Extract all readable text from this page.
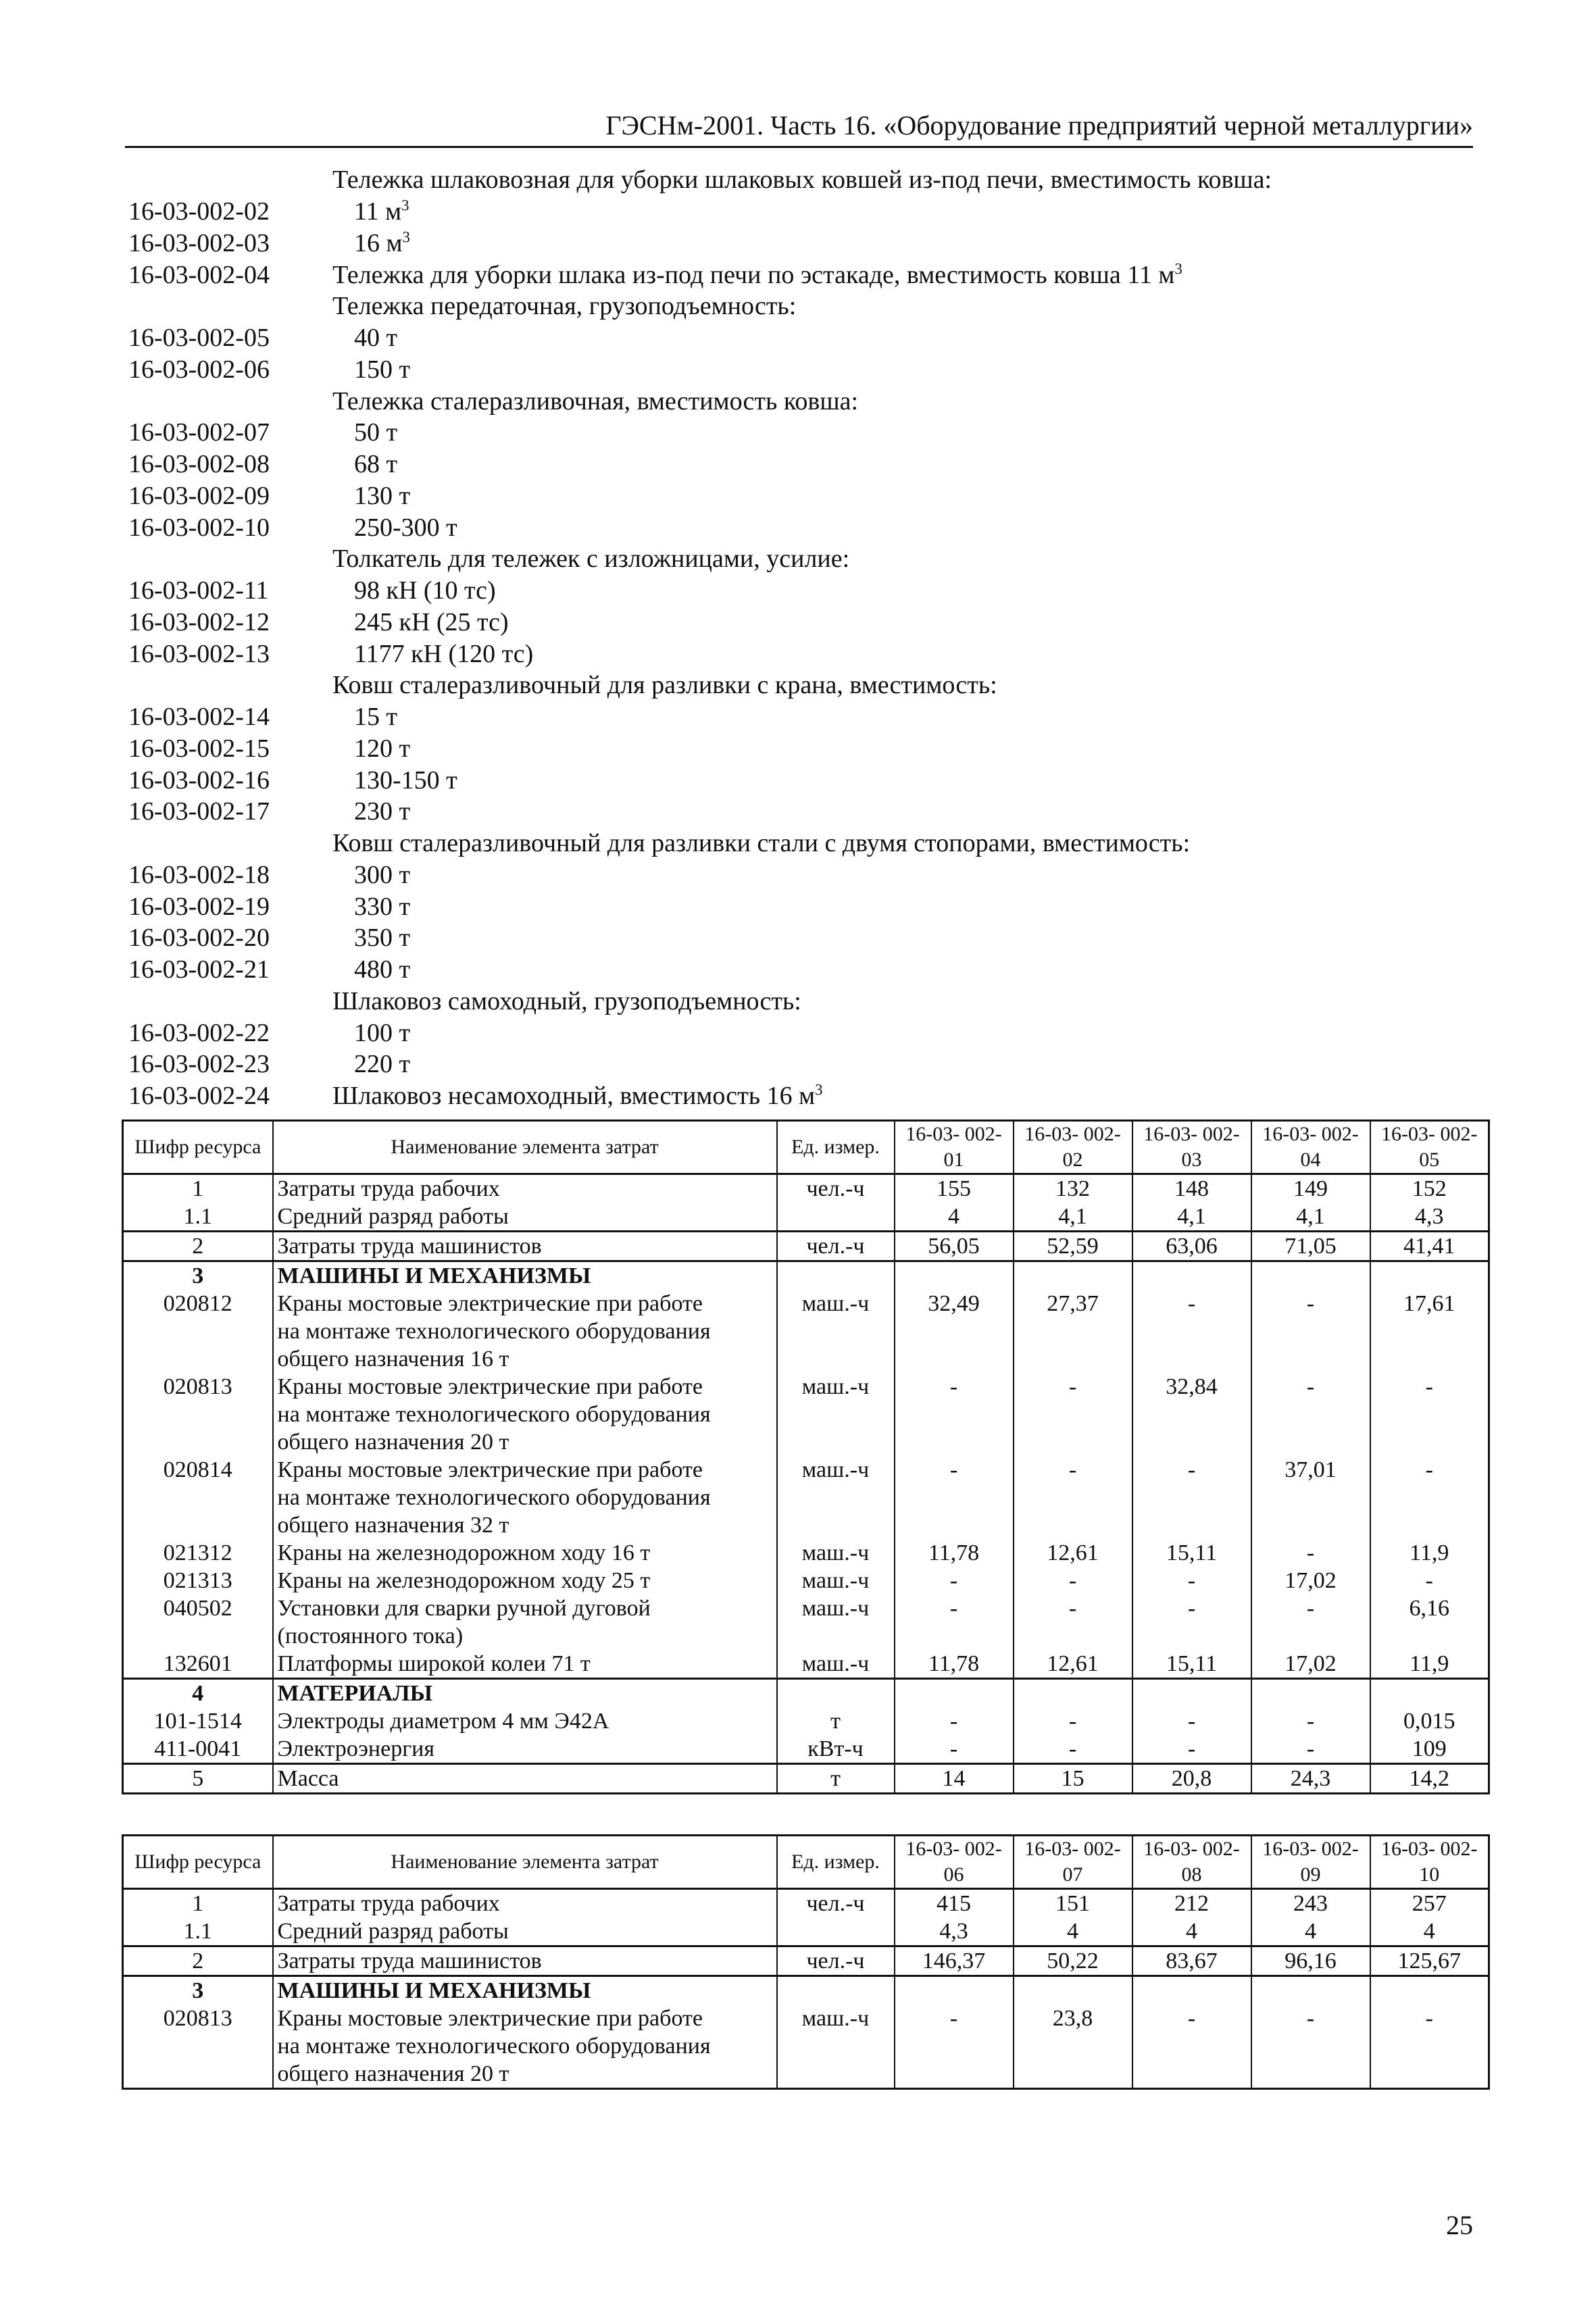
ГЭСНм-2001. Часть 16. «Оборудование предприятий черной металлургии»
Тележка шлаковозная для уборки шлаковых ковшей из-под печи, вместимость ковша:
16-03-002-02	11 $м^3$
16-03-002-03	16 $м^3$
16-03-002-04	Тележка для уборки шлака из-под печи по эстакаде, вместимость ковша 11 $м^3$
Тележка передаточная, грузоподъемность:
16-03-002-05	40 т
16-03-002-06	150 т
Тележка сталеразливочная, вместимость ковша:
16-03-002-07	50 т
16-03-002-08	68 т
16-03-002-09	130 т
16-03-002-10	250-300 т
Толкатель для тележек с изложницами, усилие:
16-03-002-11	98 кН (10 тс)
16-03-002-12	245 кН (25 тс)
16-03-002-13	1177 кН (120 тс)
Ковш сталеразливочный для разливки с крана, вместимость:
16-03-002-14	15 т
16-03-002-15	120 т
16-03-002-16	130-150 т
16-03-002-17	230 т
Ковш сталеразливочный для разливки стали с двумя стопорами, вместимость:
16-03-002-18	300 т
16-03-002-19	330 т
16-03-002-20	350 т
16-03-002-21	480 т
Шлаковоз самоходный, грузоподъемность:
16-03-002-22	100 т
16-03-002-23	220 т
16-03-002-24	Шлаковоз несамоходный, вместимость 16 $м^3$
Шифр ресурса	Наименование элемента затрат	Ед. измер.	16-03- 002-01	16-03- 002-02	16-03- 002-03	16-03- 002-04	16-03- 002-05
1	Затраты труда рабочих	чел.-ч	155	132	148	149	152
1.1	Средний разряд работы		4	4,1	4,1	4,1	4,3
2	Затраты труда машинистов	чел.-ч	56,05	52,59	63,06	71,05	41,41
3	МАШИНЫ И МЕХАНИЗМЫ						

020812	Краны мостовые электрические при работе
на монтаже технологического оборудования
общего назначения 16 т	маш.-ч	32,49	27,37	-	-	17,61
020813	Краны мостовые электрические при работе
на монтаже технологического оборудования
общего назначения 20 т	маш.-ч	-	-	32,84	-	-
020814	Краны мостовые электрические при работе
на монтаже технологического оборудования
общего назначения 32 т	маш.-ч	-	-	-	37,01	-
021312	Краны на железнодорожном ходу 16 т	маш.-ч	11,78	12,61	15,11	-	11,9
021313	Краны на железнодорожном ходу 25 т	маш.-ч	-	-	-	17,02	-
040502	Установки для сварки ручной дуговой
(постоянного тока)	маш.-ч	-	-	-	-	6,16
132601	Платформы широкой колеи 71 т	маш.-ч	11,78	12,61	15,11	17,02	11,9
4	МАТЕРИАЛЫ						

101-1514	Электроды диаметром 4 мм Э42А	т	-	-	-	-	0,015
411-0041	Электроэнергия	кВт-ч	-	-	-	-	109
5	Масса	т	14	15	20,8	24,3	14,2
Шифр ресурса	Наименование элемента затрат	Ед. измер.	16-03- 002-06	16-03- 002-07	16-03- 002-08	16-03- 002-09	16-03- 002-10
1	Затраты труда рабочих	чел.-ч	415	151	212	243	257
1.1	Средний разряд работы		4,3	4	4	4	4
2	Затраты труда машинистов	чел.-ч	146,37	50,22	83,67	96,16	125,67
3	МАШИНЫ И МЕХАНИЗМЫ						

020813	Краны мостовые электрические при работе
на монтаже технологического оборудования
общего назначения 20 т	маш.-ч	-	23,8	-	-	-
25
